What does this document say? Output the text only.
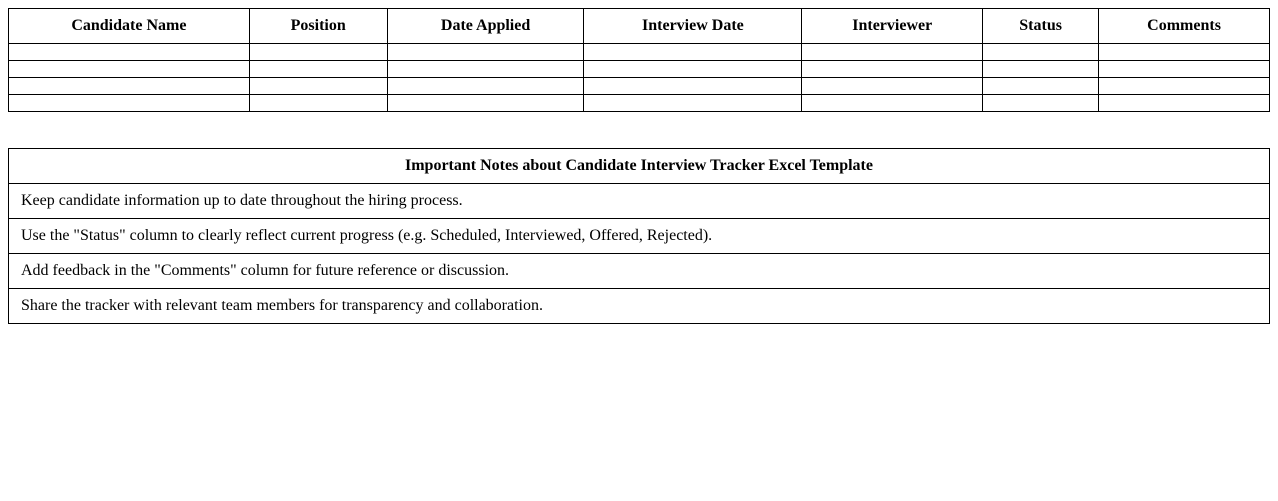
Candidate Name	Position	Date Applied	Interview Date	Interviewer	Status	Comments

Important Notes about Candidate Interview Tracker Excel Template
Keep candidate information up to date throughout the hiring process.
Use the "Status" column to clearly reflect current progress (e.g. Scheduled, Interviewed, Offered, Rejected).
Add feedback in the "Comments" column for future reference or discussion.
Share the tracker with relevant team members for transparency and collaboration.
